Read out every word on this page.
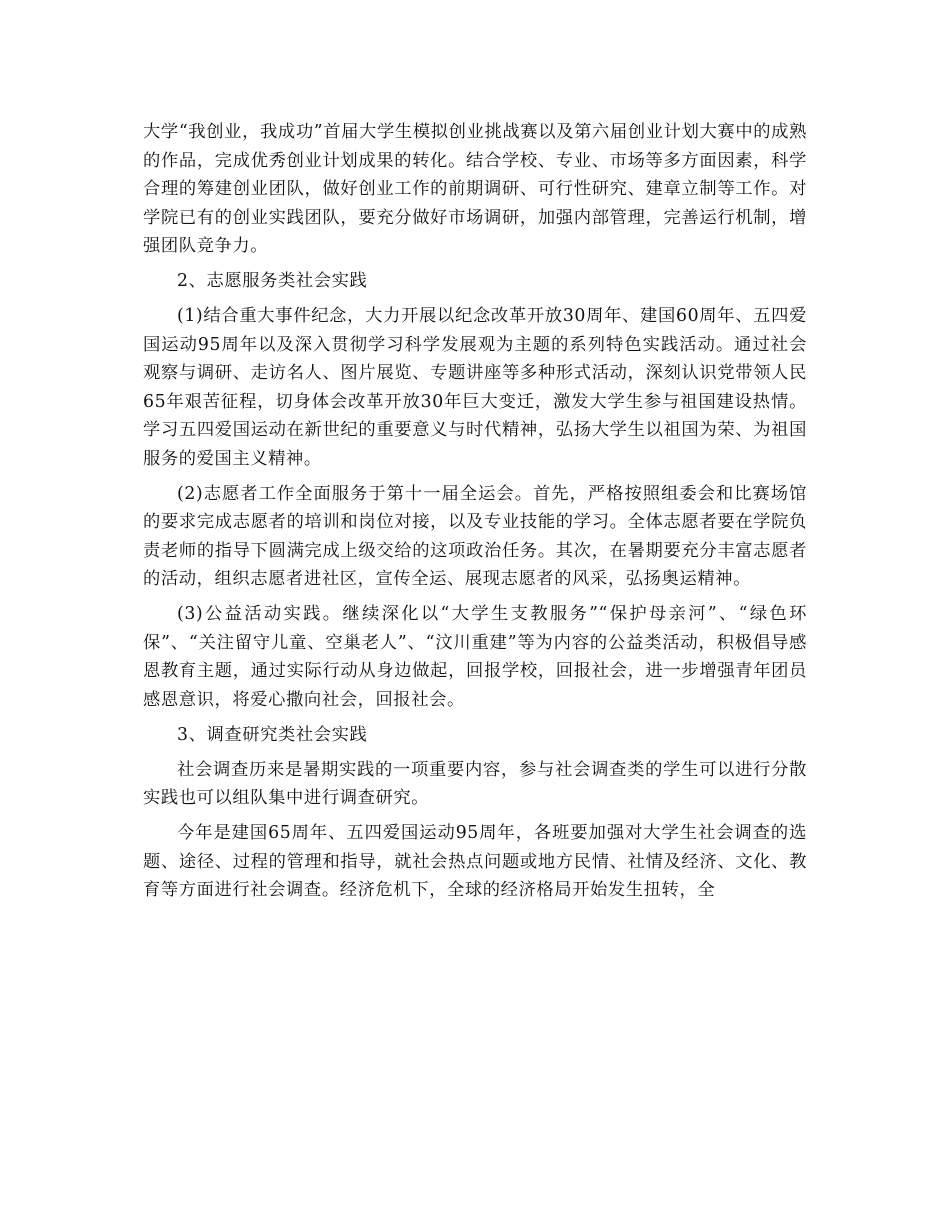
大学“我创业，我成功”首届大学生模拟创业挑战赛以及第六届创业计划大赛中的成熟的作品，完成优秀创业计划成果的转化。结合学校、专业、市场等多方面因素，科学合理的筹建创业团队，做好创业工作的前期调研、可行性研究、建章立制等工作。对学院已有的创业实践团队，要充分做好市场调研，加强内部管理，完善运行机制，增强团队竞争力。

2、志愿服务类社会实践

(1)结合重大事件纪念，大力开展以纪念改革开放30周年、建国60周年、五四爱国运动95周年以及深入贯彻学习科学发展观为主题的系列特色实践活动。通过社会观察与调研、走访名人、图片展览、专题讲座等多种形式活动，深刻认识党带领人民65年艰苦征程，切身体会改革开放30年巨大变迁，激发大学生参与祖国建设热情。学习五四爱国运动在新世纪的重要意义与时代精神，弘扬大学生以祖国为荣、为祖国服务的爱国主义精神。

(2)志愿者工作全面服务于第十一届全运会。首先，严格按照组委会和比赛场馆的要求完成志愿者的培训和岗位对接，以及专业技能的学习。全体志愿者要在学院负责老师的指导下圆满完成上级交给的这项政治任务。其次，在暑期要充分丰富志愿者的活动，组织志愿者进社区，宣传全运、展现志愿者的风采，弘扬奥运精神。

(3)公益活动实践。继续深化以“大学生支教服务”“保护母亲河”、“绿色环保”、“关注留守儿童、空巢老人”、“汶川重建”等为内容的公益类活动，积极倡导感恩教育主题，通过实际行动从身边做起，回报学校，回报社会，进一步增强青年团员感恩意识，将爱心撒向社会，回报社会。

3、调查研究类社会实践

社会调查历来是暑期实践的一项重要内容，参与社会调查类的学生可以进行分散实践也可以组队集中进行调查研究。

今年是建国65周年、五四爱国运动95周年，各班要加强对大学生社会调查的选题、途径、过程的管理和指导，就社会热点问题或地方民情、社情及经济、文化、教育等方面进行社会调查。经济危机下，全球的经济格局开始发生扭转，全
